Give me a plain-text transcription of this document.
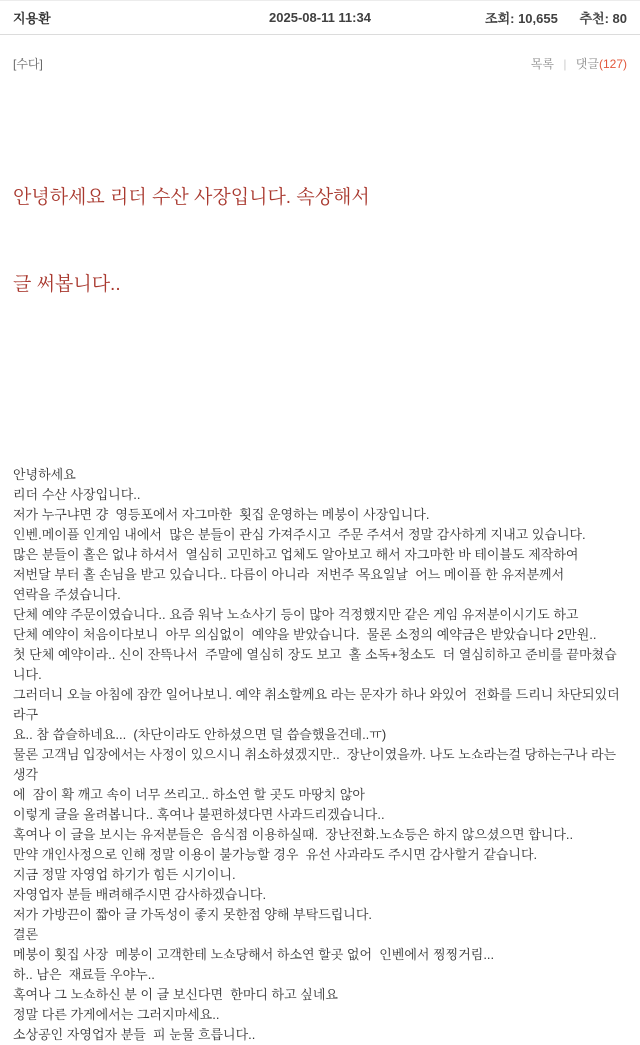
지용환	2025-08-11 11:34	조회: 10,655 추천: 80
[수다]	목록 | 댓글(127)

안녕하세요 리더 수산 사장입니다. 속상해서

글 써봅니다..

안녕하세요
리더 수산 사장입니다..
저가 누구냐면 걍  영등포에서 자그마한  횟집 운영하는 메붕이 사장입니다.
인벤.메이플 인게임 내에서  많은 분들이 관심 가져주시고  주문 주셔서 정말 감사하게 지내고 있습니다.
많은 분들이 홀은 없냐 하셔서  열심히 고민하고 업체도 알아보고 해서 자그마한 바 테이블도 제작하여
저번달 부터 홀 손님을 받고 있습니다.. 다름이 아니라  저번주 목요일날  어느 메이플 한 유저분께서
연락을 주셨습니다.
단체 예약 주문이였습니다.. 요즘 워낙 노쇼사기 등이 많아 걱정했지만 같은 게임 유저분이시기도 하고
단체 예약이 처음이다보니  아무 의심없이  예약을 받았습니다.  물론 소정의 예약금은 받았습니다 2만원..
첫 단체 예약이라.. 신이 잔뜩나서  주말에 열심히 장도 보고  홀 소독+청소도  더 열심히하고 준비를 끝마쳤습니다.
그러더니 오늘 아침에 잠깐 일어나보니. 예약 취소할께요 라는 문자가 하나 와있어  전화를 드리니 차단되있더라구
요.. 참 씁슬하네요...  (차단이라도 안하셨으면 덜 씁슬했을건데..ㅠ)
물론 고객님 입장에서는 사정이 있으시니 취소하셨겠지만..  장난이였을까. 나도 노쇼라는걸 당하는구나 라는 생각
에  잠이 확 깨고 속이 너무 쓰리고.. 하소연 할 곳도 마땅치 않아
이렇게 글을 올려봅니다.. 혹여나 불편하셨다면 사과드리겠습니다..
혹여나 이 글을 보시는 유저분들은  음식점 이용하실때.  장난전화.노쇼등은 하지 않으셨으면 합니다..
만약 개인사정으로 인해 정말 이용이 불가능할 경우  유선 사과라도 주시면 감사할거 같습니다.
지금 정말 자영업 하기가 힘든 시기이니.
자영업자 분들 배려해주시면 감사하겠습니다.
저가 가방끈이 짧아 글 가독성이 좋지 못한점 양해 부탁드립니다.
결론
메붕이 횟집 사장  메붕이 고객한테 노쇼당해서 하소연 할곳 없어  인벤에서 찡찡거림...
하.. 남은  재료들 우야누..
혹여나 그 노쇼하신 분 이 글 보신다면  한마디 하고 싶네요
정말 다른 가게에서는 그러지마세요..
소상공인 자영업자 분들  피 눈물 흐릅니다..
